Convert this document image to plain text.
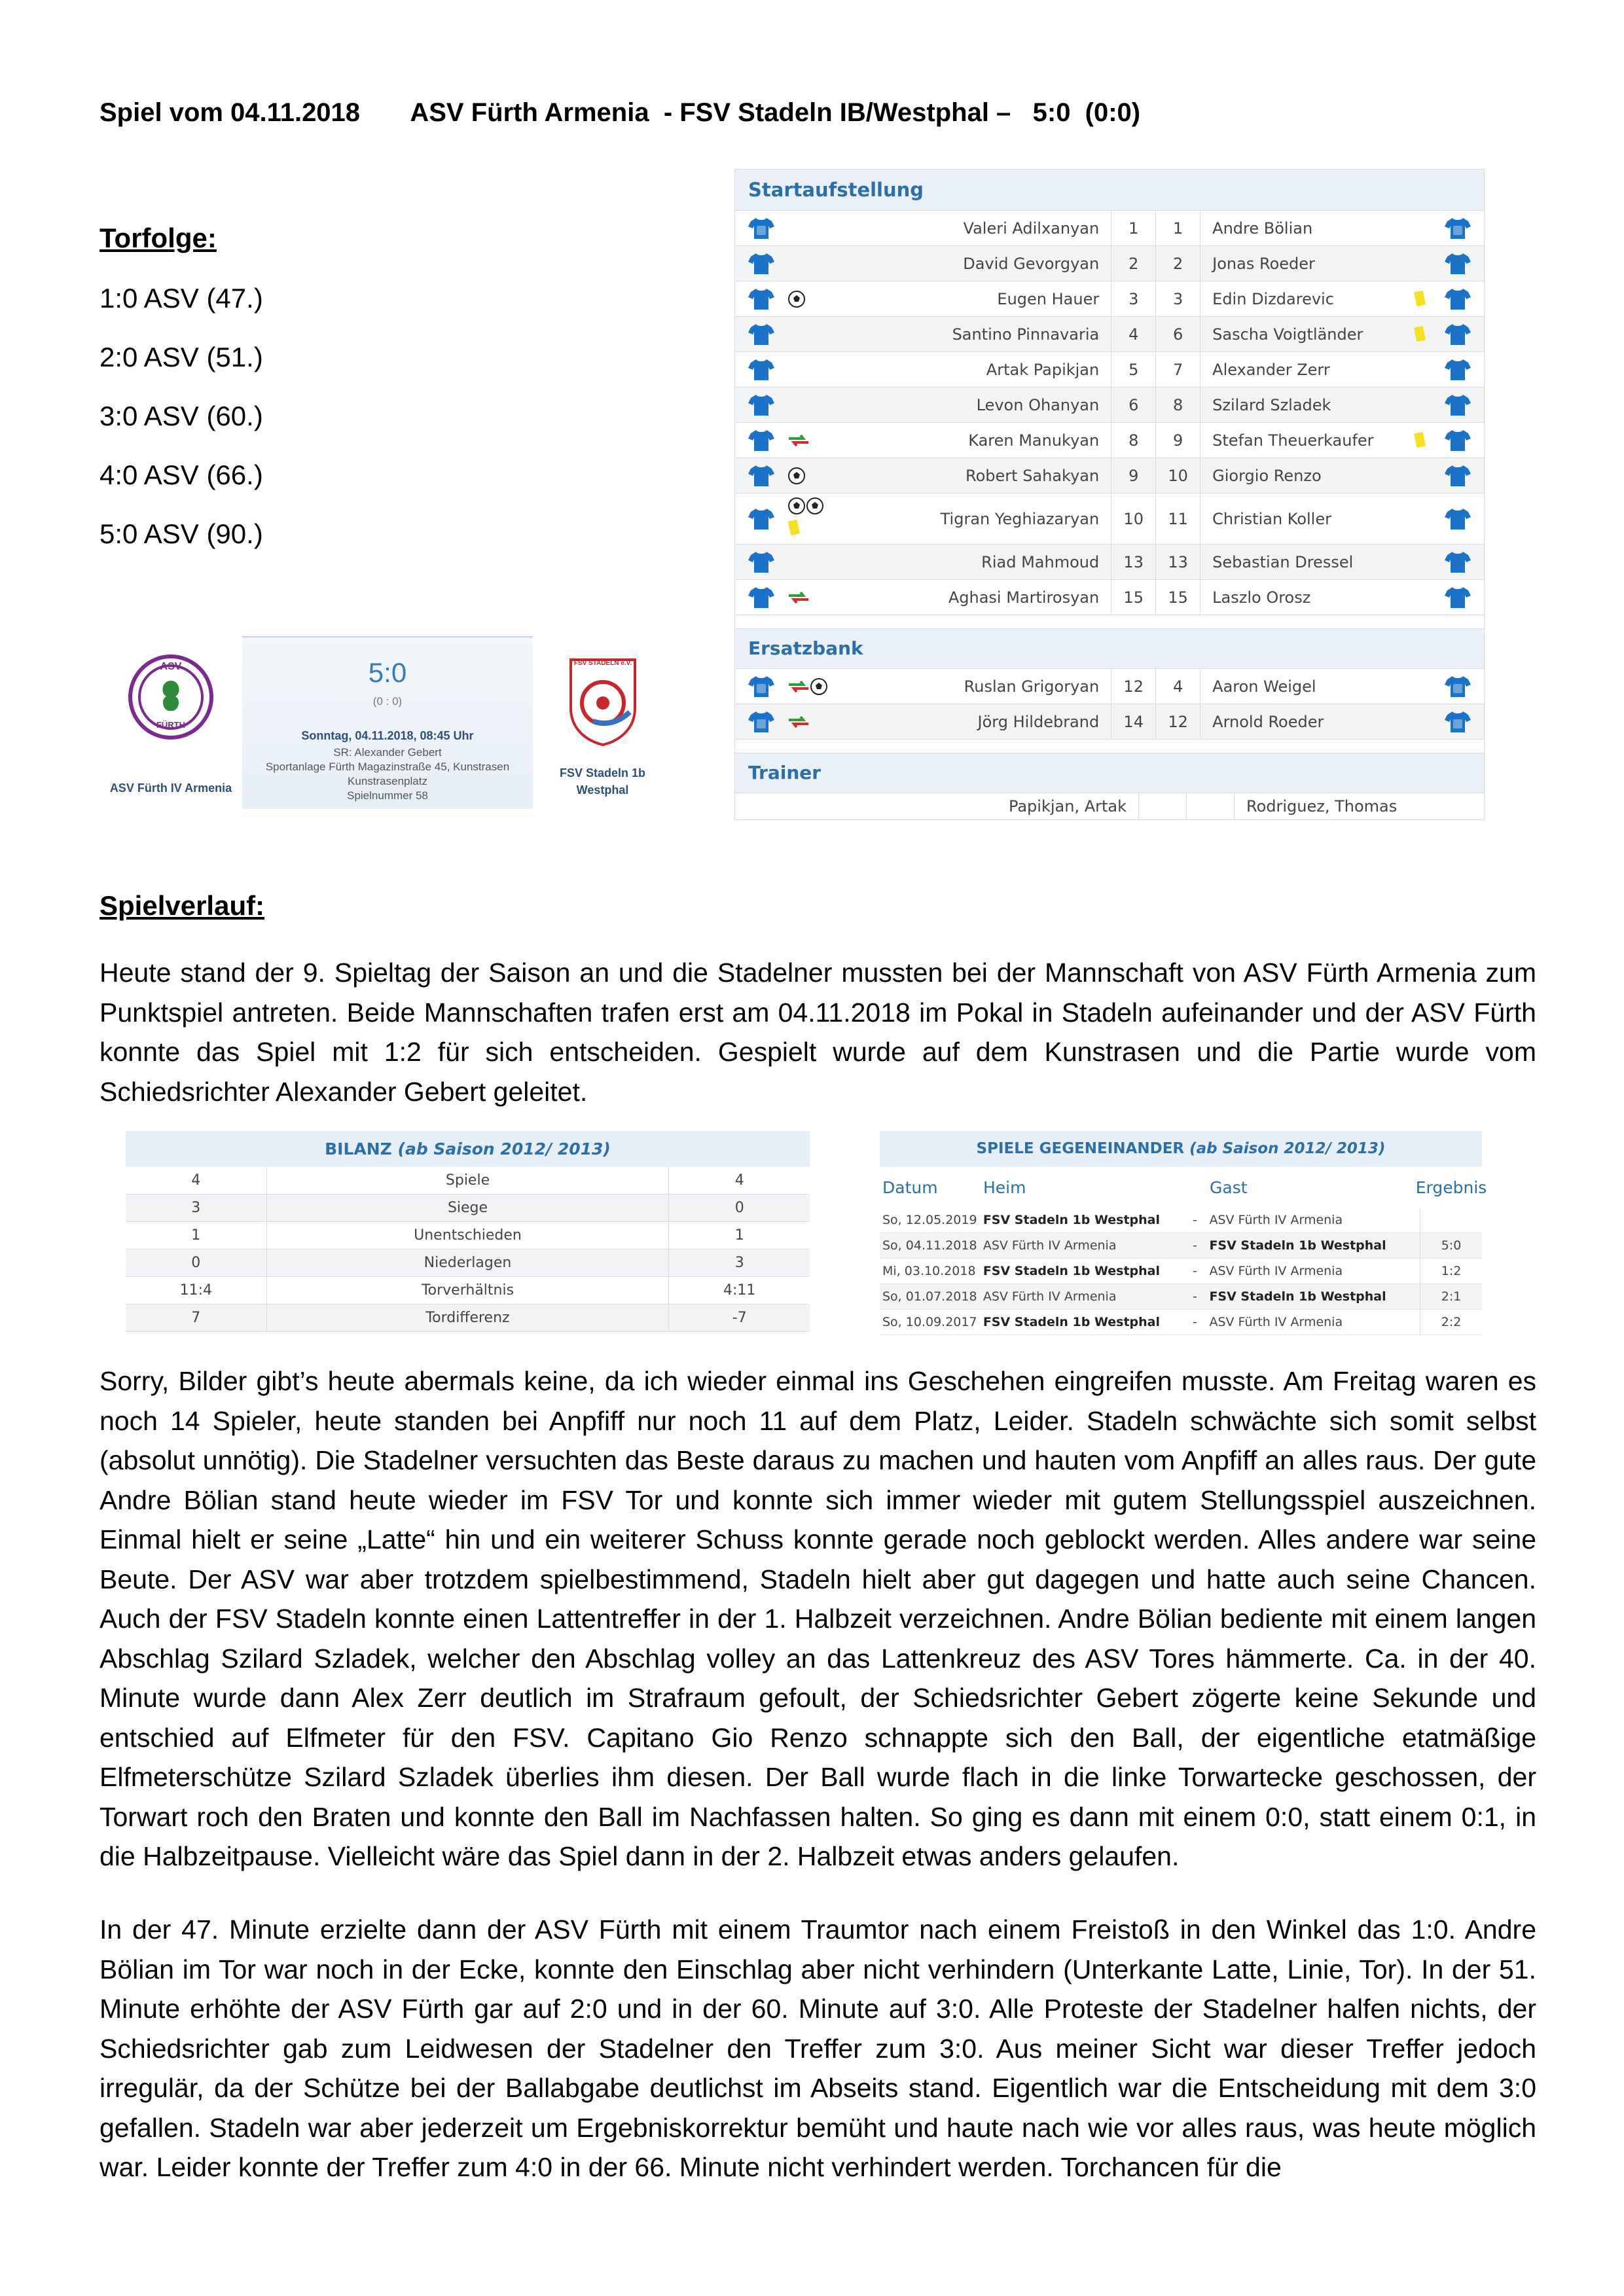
Spiel vom 04.11.2018       ASV Fürth Armenia  - FSV Stadeln IB/Westphal –   5:0  (0:0)
Torfolge:
1:0 ASV (47.)
2:0 ASV (51.)
3:0 ASV (60.)
4:0 ASV (66.)
5:0 ASV (90.)
ASV
FÜRTH
ASV Fürth IV Armenia
5:0
(0 : 0)
Sonntag, 04.11.2018, 08:45 Uhr
SR: Alexander Gebert
Sportanlage Fürth Magazinstraße 45, Kunstrasen
Kunstrasenplatz
Spielnummer 58
FSV STADELN e.V.
FSV Stadeln 1b
Westphal
Startaufstellung
Valeri Adilxanyan	1	1	Andre Bölian
David Gevorgyan	2	2	Jonas Roeder
Eugen Hauer	3	3	Edin Dizdarevic
Santino Pinnavaria	4	6	Sascha Voigtländer
Artak Papikjan	5	7	Alexander Zerr
Levon Ohanyan	6	8	Szilard Szladek
Karen Manukyan	8	9	Stefan Theuerkaufer
Robert Sahakyan	9	10	Giorgio Renzo
Tigran Yeghiazaryan	10	11	Christian Koller
Riad Mahmoud	13	13	Sebastian Dressel
Aghasi Martirosyan	15	15	Laszlo Orosz
Ersatzbank
Ruslan Grigoryan	12	4	Aaron Weigel
Jörg Hildebrand	14	12	Arnold Roeder
Trainer
Papikjan, Artak	Rodriguez, Thomas
Spielverlauf:
Heute stand der 9. Spieltag der Saison an und die Stadelner mussten bei der Mannschaft von ASV Fürth Armenia zum Punktspiel antreten. Beide Mannschaften trafen erst am 04.11.2018 im Pokal in Stadeln aufeinander und der ASV Fürth konnte das Spiel mit 1:2 für sich entscheiden. Gespielt wurde auf dem Kunstrasen und die Partie wurde vom Schiedsrichter Alexander Gebert geleitet.
BILANZ (ab Saison 2012/ 2013)
4	Spiele	4
3	Siege	0
1	Unentschieden	1
0	Niederlagen	3
11:4	Torverhältnis	4:11
7	Tordifferenz	-7
SPIELE GEGENEINANDER (ab Saison 2012/ 2013)
Datum	Heim	Gast	Ergebnis
So, 12.05.2019 FSV Stadeln 1b Westphal	- ASV Fürth IV Armenia
So, 04.11.2018 ASV Fürth IV Armenia	- FSV Stadeln 1b Westphal	5:0
Mi, 03.10.2018 FSV Stadeln 1b Westphal	- ASV Fürth IV Armenia	1:2
So, 01.07.2018 ASV Fürth IV Armenia	- FSV Stadeln 1b Westphal	2:1
So, 10.09.2017 FSV Stadeln 1b Westphal	- ASV Fürth IV Armenia	2:2
Sorry, Bilder gibt’s heute abermals keine, da ich wieder einmal ins Geschehen eingreifen musste. Am Freitag waren es noch 14 Spieler, heute standen bei Anpfiff nur noch 11 auf dem Platz, Leider. Stadeln schwächte sich somit selbst (absolut unnötig). Die Stadelner versuchten das Beste daraus zu machen und hauten vom Anpfiff an alles raus. Der gute Andre Bölian stand heute wieder im FSV Tor und konnte sich immer wieder mit gutem Stellungsspiel auszeichnen. Einmal hielt er seine „Latte“ hin und ein weiterer Schuss konnte gerade noch geblockt werden. Alles andere war seine Beute. Der ASV war aber trotzdem spielbestimmend, Stadeln hielt aber gut dagegen und hatte auch seine Chancen. Auch der FSV Stadeln konnte einen Lattentreffer in der 1. Halbzeit verzeichnen. Andre Bölian bediente mit einem langen Abschlag Szilard Szladek, welcher den Abschlag volley an das Lattenkreuz des ASV Tores hämmerte. Ca. in der 40. Minute wurde dann Alex Zerr deutlich im Strafraum gefoult, der Schiedsrichter Gebert zögerte keine Sekunde und entschied auf Elfmeter für den FSV. Capitano Gio Renzo schnappte sich den Ball, der eigentliche etatmäßige Elfmeterschütze Szilard Szladek überlies ihm diesen. Der Ball wurde flach in die linke Torwartecke geschossen, der Torwart roch den Braten und konnte den Ball im Nachfassen halten. So ging es dann mit einem 0:0, statt einem 0:1, in die Halbzeitpause. Vielleicht wäre das Spiel dann in der 2. Halbzeit etwas anders gelaufen.
In der 47. Minute erzielte dann der ASV Fürth mit einem Traumtor nach einem Freistoß in den Winkel das 1:0. Andre Bölian im Tor war noch in der Ecke, konnte den Einschlag aber nicht verhindern (Unterkante Latte, Linie, Tor). In der 51. Minute erhöhte der ASV Fürth gar auf 2:0 und in der 60. Minute auf 3:0. Alle Proteste der Stadelner halfen nichts, der Schiedsrichter gab zum Leidwesen der Stadelner den Treffer zum 3:0. Aus meiner Sicht war dieser Treffer jedoch irregulär, da der Schütze bei der Ballabgabe deutlichst im Abseits stand. Eigentlich war die Entscheidung mit dem 3:0 gefallen. Stadeln war aber jederzeit um Ergebniskorrektur bemüht und haute nach wie vor alles raus, was heute möglich war. Leider konnte der Treffer zum 4:0 in der 66. Minute nicht verhindert werden. Torchancen für die
